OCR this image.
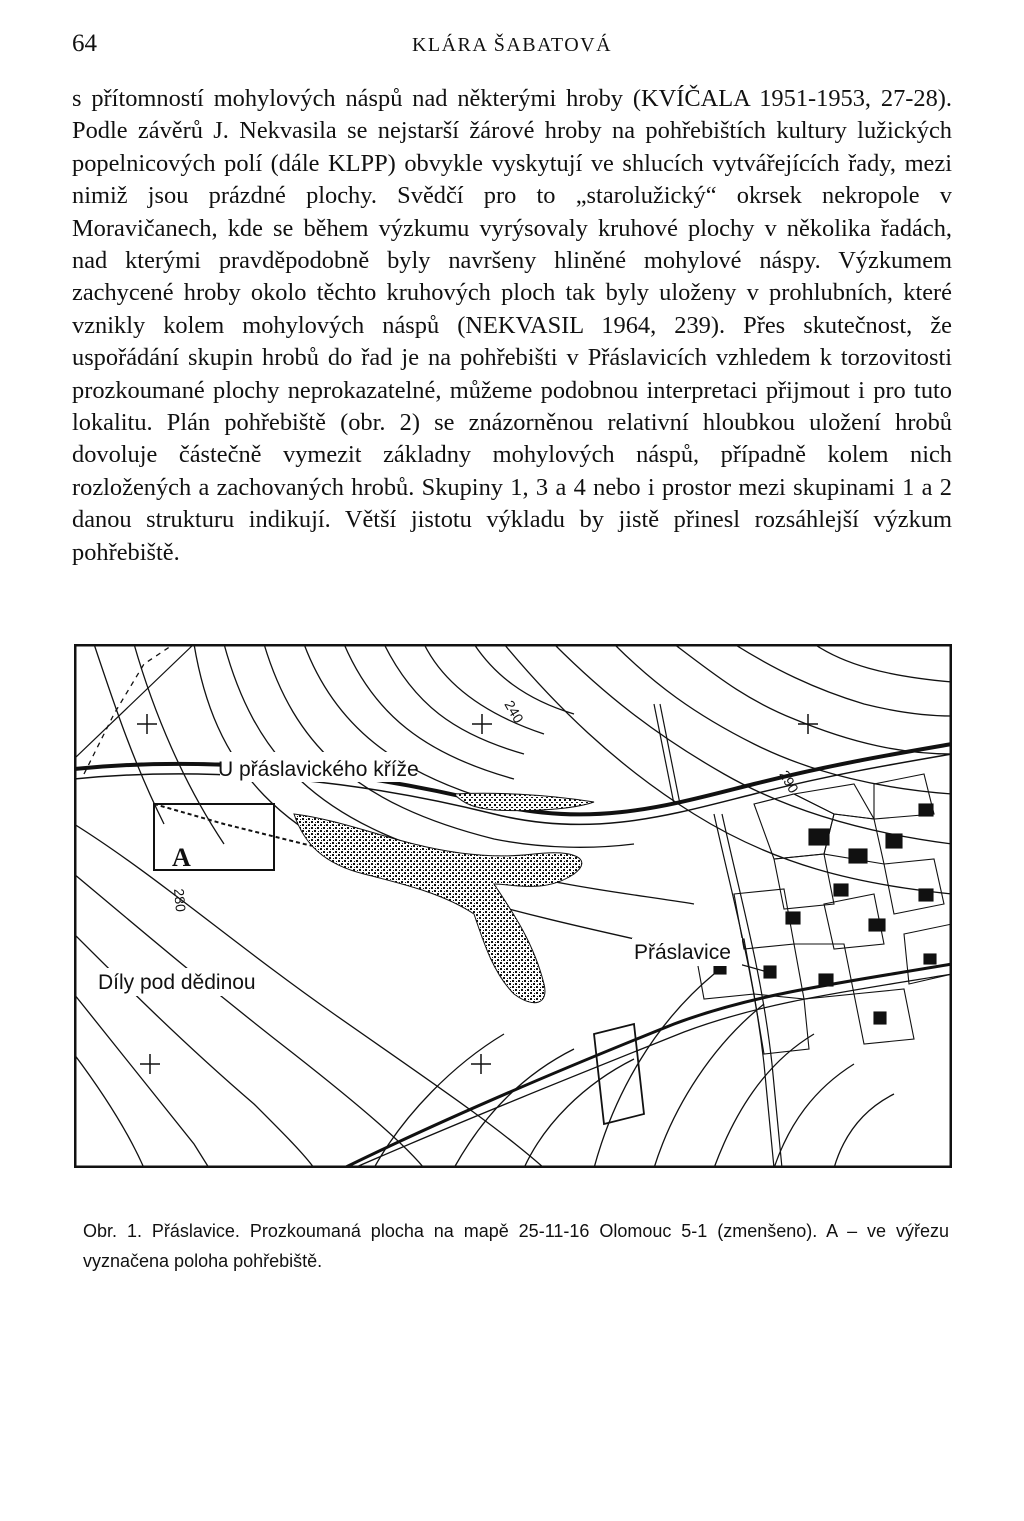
64	KLÁRA ŠABATOVÁ

s přítomností mohylových náspů nad některými hroby (KVÍČALA 1951-1953, 27-28). Podle závěrů J. Nekvasila se nejstarší žárové hroby na pohřebištích kultury lužických popelnicových polí (dále KLPP) obvykle vyskytují ve shlucích vytvářejících řady, mezi nimiž jsou prázdné plochy. Svědčí pro to „starolužický“ okrsek nekropole v Moravičanech, kde se během výzkumu vyrýsovaly kruhové plochy v několika řadách, nad kterými pravděpodobně byly navršeny hliněné mohylové náspy. Výzkumem zachycené hroby okolo těchto kruhových ploch tak byly uloženy v prohlubních, které vznikly kolem mohylových náspů (NEKVASIL 1964, 239). Přes skutečnost, že uspořádání skupin hrobů do řad je na pohřebišti v Přáslavicích vzhledem k torzovitosti prozkoumané plochy neprokazatelné, můžeme podobnou interpretaci přijmout i pro tuto lokalitu. Plán pohřebiště (obr. 2) se znázorněnou relativní hloubkou uložení hrobů dovoluje částečně vymezit základny mohylových náspů, případně kolem nich rozložených a zachovaných hrobů. Skupiny 1, 3 a 4 nebo i prostor mezi skupinami 1 a 2 danou strukturu indikují. Větší jistotu výkladu by jistě přinesl rozsáhlejší výzkum pohřebiště.

A
U přáslavického kříže
Přáslavice
Díly pod dědinou
240
280
290

Obr. 1. Přáslavice. Prozkoumaná plocha na mapě 25-11-16 Olomouc 5-1 (zmenšeno). A – ve výřezu vyznačena poloha pohřebiště.
